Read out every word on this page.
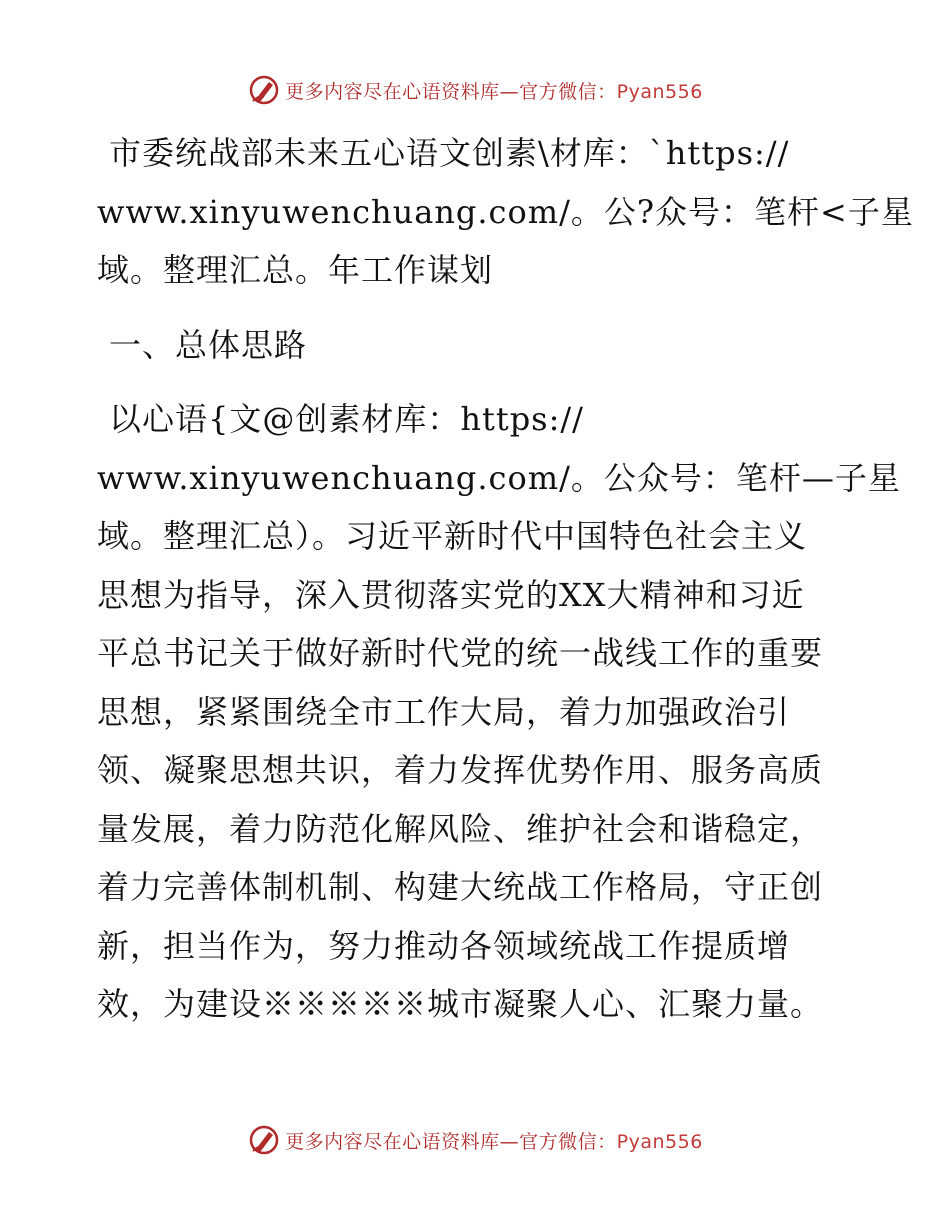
更多内容尽在心语资料库—官方微信：Pyan556
市委统战部未来五心语文创素\材库：`https://
www.xinyuwenchuang.com/。公?众号：笔杆<子星
域。整理汇总。年工作谋划
一、总体思路
以心语{文@创素材库：https://
www.xinyuwenchuang.com/。公众号：笔杆—子星
域。整理汇总）。习近平新时代中国特色社会主义
思想为指导，深入贯彻落实党的XX大精神和习近
平总书记关于做好新时代党的统一战线工作的重要
思想，紧紧围绕全市工作大局，着力加强政治引
领、凝聚思想共识，着力发挥优势作用、服务高质
量发展，着力防范化解风险、维护社会和谐稳定，
着力完善体制机制、构建大统战工作格局，守正创
新，担当作为，努力推动各领域统战工作提质增
效，为建设※※※※※城市凝聚人心、汇聚力量。
更多内容尽在心语资料库—官方微信：Pyan556
